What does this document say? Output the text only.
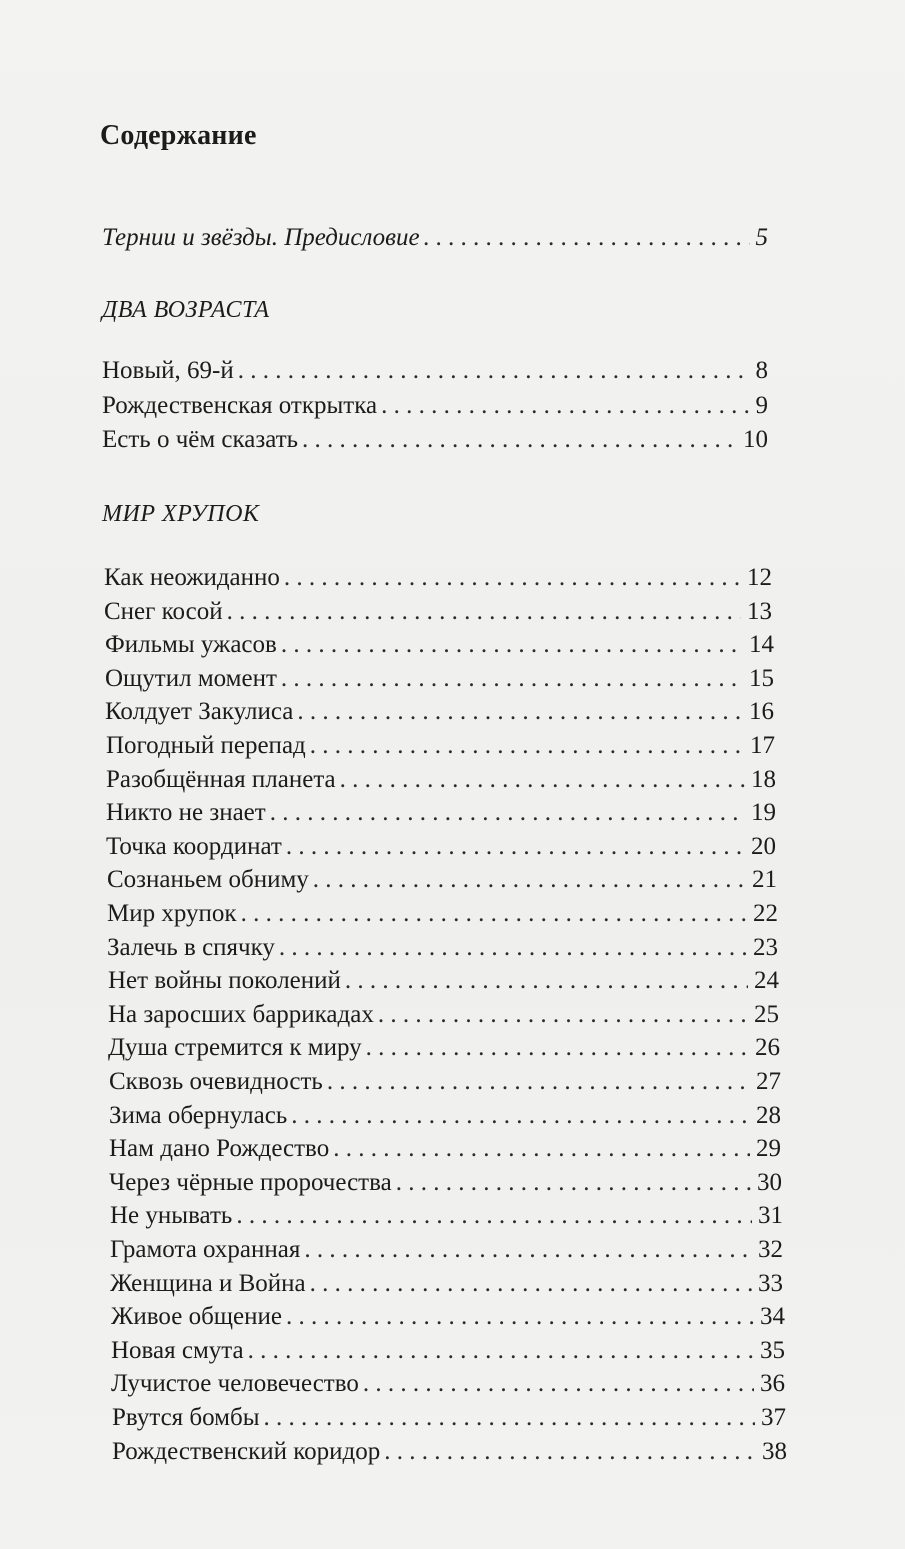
Содержание
Тернии и звёзды. Предисловие . . .	5
ДВА ВОЗРАСТА
Новый, 69-й . . .	8
Рождественская открытка . . .	9
Есть о чём сказать . . .	10
МИР ХРУПОК
Как неожиданно . . .	12
Снег косой . . .	13
Фильмы ужасов . . .	14
Ощутил момент . . .	15
Колдует Закулиса . . .	16
Погодный перепад . . .	17
Разобщённая планета . . .	18
Никто не знает . . .	19
Точка координат . . .	20
Сознаньем обниму . . .	21
Мир хрупок . . .	22
Залечь в спячку . . .	23
Нет войны поколений . . .	24
На заросших баррикадах . . .	25
Душа стремится к миру . . .	26
Сквозь очевидность . . .	27
Зима обернулась . . .	28
Нам дано Рождество . . .	29
Через чёрные пророчества . . .	30
Не унывать . . .	31
Грамота охранная . . .	32
Женщина и Война . . .	33
Живое общение . . .	34
Новая смута . . .	35
Лучистое человечество . . .	36
Рвутся бомбы . . .	37
Рождественский коридор . . .	38
